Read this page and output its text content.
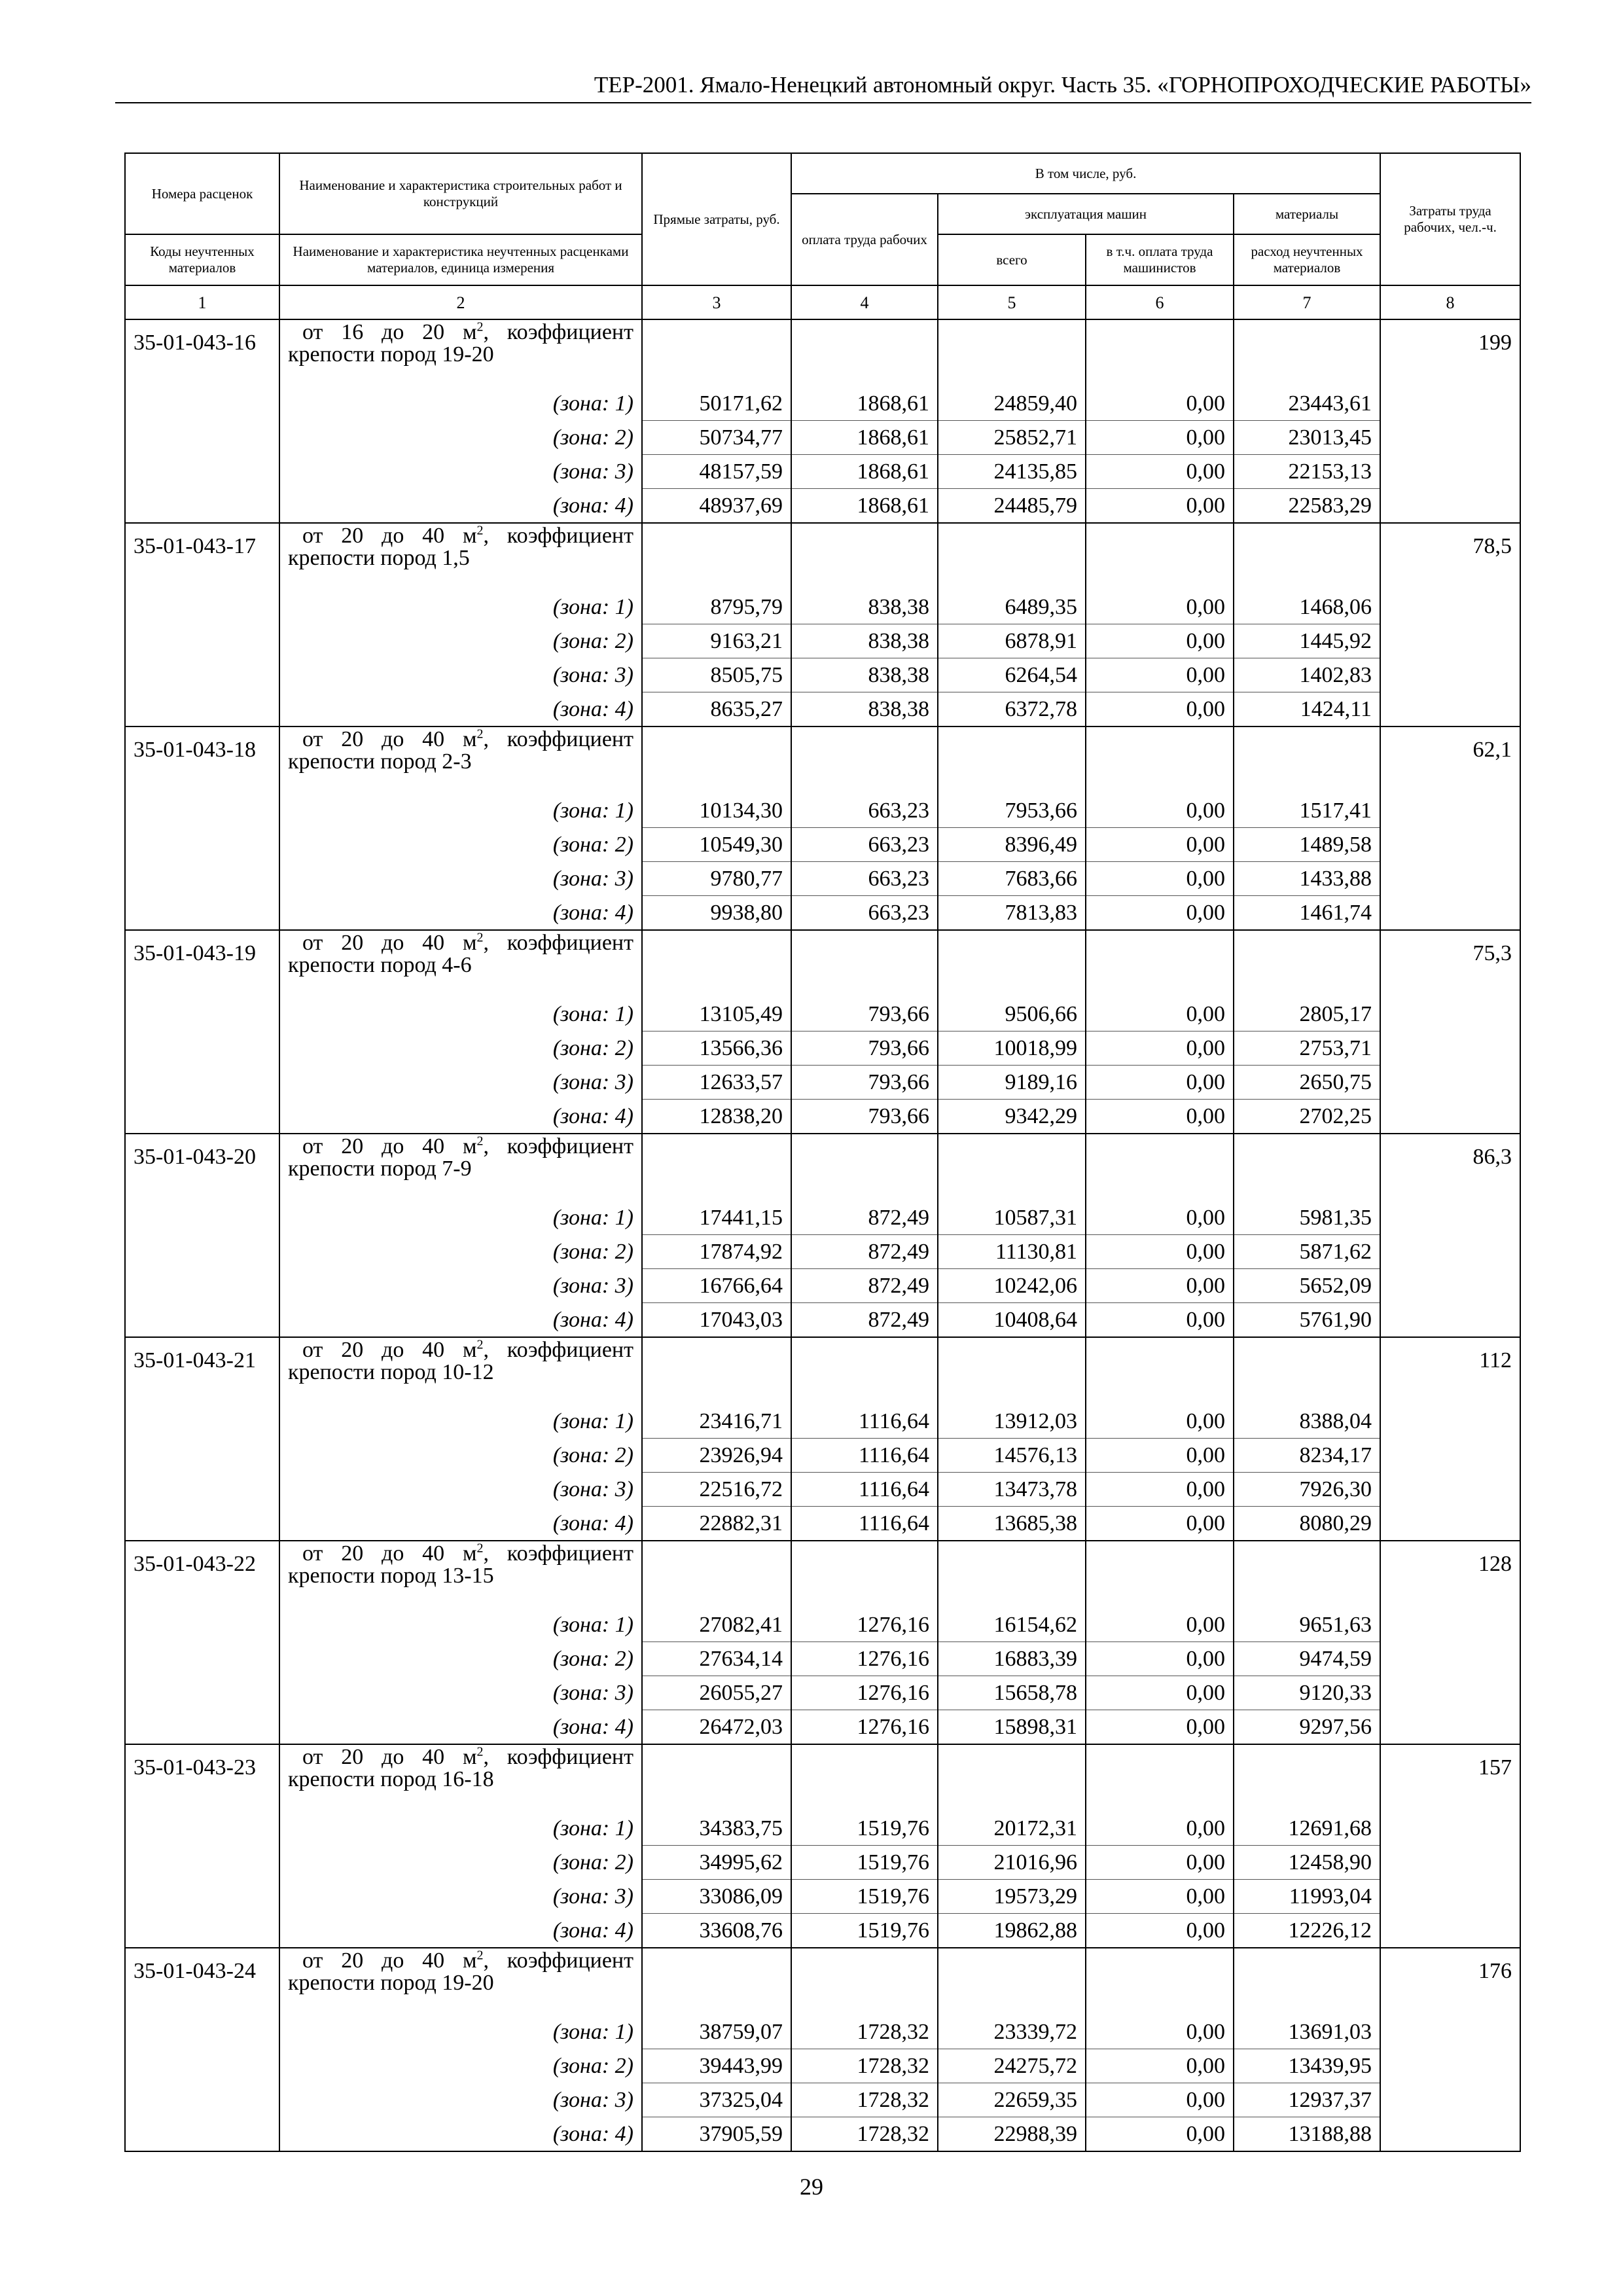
ТЕР-2001. Ямало-Ненецкий автономный округ. Часть 35. «ГОРНОПРОХОДЧЕСКИЕ РАБОТЫ»
Номера расценок	Наименование и характеристика строительных работ и конструкций	Прямые затраты, руб.	В том числе, руб.				Затраты труда рабочих, чел.-ч.
			оплата труда рабочих	эксплуатация машин		материалы	
Коды неучтенных материалов	Наименование и характеристика неучтенных расценками материалов, единица измерения			всего	в т.ч. оплата труда машинистов	расход неучтенных материалов	
1	2	3	4	5	6	7	8
35-01-043-16	от 16 до 20 $м^2$, коэффициент
крепости пород 19-20						199
	(зона: 1)	50171,62	1868,61	24859,40	0,00	23443,61	
	(зона: 2)	50734,77	1868,61	25852,71	0,00	23013,45	
	(зона: 3)	48157,59	1868,61	24135,85	0,00	22153,13	
	(зона: 4)	48937,69	1868,61	24485,79	0,00	22583,29	
35-01-043-17	от 20 до 40 $м^2$, коэффициент
крепости пород 1,5						78,5
	(зона: 1)	8795,79	838,38	6489,35	0,00	1468,06	
	(зона: 2)	9163,21	838,38	6878,91	0,00	1445,92	
	(зона: 3)	8505,75	838,38	6264,54	0,00	1402,83	
	(зона: 4)	8635,27	838,38	6372,78	0,00	1424,11	
35-01-043-18	от 20 до 40 $м^2$, коэффициент
крепости пород 2-3						62,1
	(зона: 1)	10134,30	663,23	7953,66	0,00	1517,41	
	(зона: 2)	10549,30	663,23	8396,49	0,00	1489,58	
	(зона: 3)	9780,77	663,23	7683,66	0,00	1433,88	
	(зона: 4)	9938,80	663,23	7813,83	0,00	1461,74	
35-01-043-19	от 20 до 40 $м^2$, коэффициент
крепости пород 4-6						75,3
	(зона: 1)	13105,49	793,66	9506,66	0,00	2805,17	
	(зона: 2)	13566,36	793,66	10018,99	0,00	2753,71	
	(зона: 3)	12633,57	793,66	9189,16	0,00	2650,75	
	(зона: 4)	12838,20	793,66	9342,29	0,00	2702,25	
35-01-043-20	от 20 до 40 $м^2$, коэффициент
крепости пород 7-9						86,3
	(зона: 1)	17441,15	872,49	10587,31	0,00	5981,35	
	(зона: 2)	17874,92	872,49	11130,81	0,00	5871,62	
	(зона: 3)	16766,64	872,49	10242,06	0,00	5652,09	
	(зона: 4)	17043,03	872,49	10408,64	0,00	5761,90	
35-01-043-21	от 20 до 40 $м^2$, коэффициент
крепости пород 10-12						112
	(зона: 1)	23416,71	1116,64	13912,03	0,00	8388,04	
	(зона: 2)	23926,94	1116,64	14576,13	0,00	8234,17	
	(зона: 3)	22516,72	1116,64	13473,78	0,00	7926,30	
	(зона: 4)	22882,31	1116,64	13685,38	0,00	8080,29	
35-01-043-22	от 20 до 40 $м^2$, коэффициент
крепости пород 13-15						128
	(зона: 1)	27082,41	1276,16	16154,62	0,00	9651,63	
	(зона: 2)	27634,14	1276,16	16883,39	0,00	9474,59	
	(зона: 3)	26055,27	1276,16	15658,78	0,00	9120,33	
	(зона: 4)	26472,03	1276,16	15898,31	0,00	9297,56	
35-01-043-23	от 20 до 40 $м^2$, коэффициент
крепости пород 16-18						157
	(зона: 1)	34383,75	1519,76	20172,31	0,00	12691,68	
	(зона: 2)	34995,62	1519,76	21016,96	0,00	12458,90	
	(зона: 3)	33086,09	1519,76	19573,29	0,00	11993,04	
	(зона: 4)	33608,76	1519,76	19862,88	0,00	12226,12	
35-01-043-24	от 20 до 40 $м^2$, коэффициент
крепости пород 19-20						176
	(зона: 1)	38759,07	1728,32	23339,72	0,00	13691,03	
	(зона: 2)	39443,99	1728,32	24275,72	0,00	13439,95	
	(зона: 3)	37325,04	1728,32	22659,35	0,00	12937,37	
	(зона: 4)	37905,59	1728,32	22988,39	0,00	13188,88	
29
